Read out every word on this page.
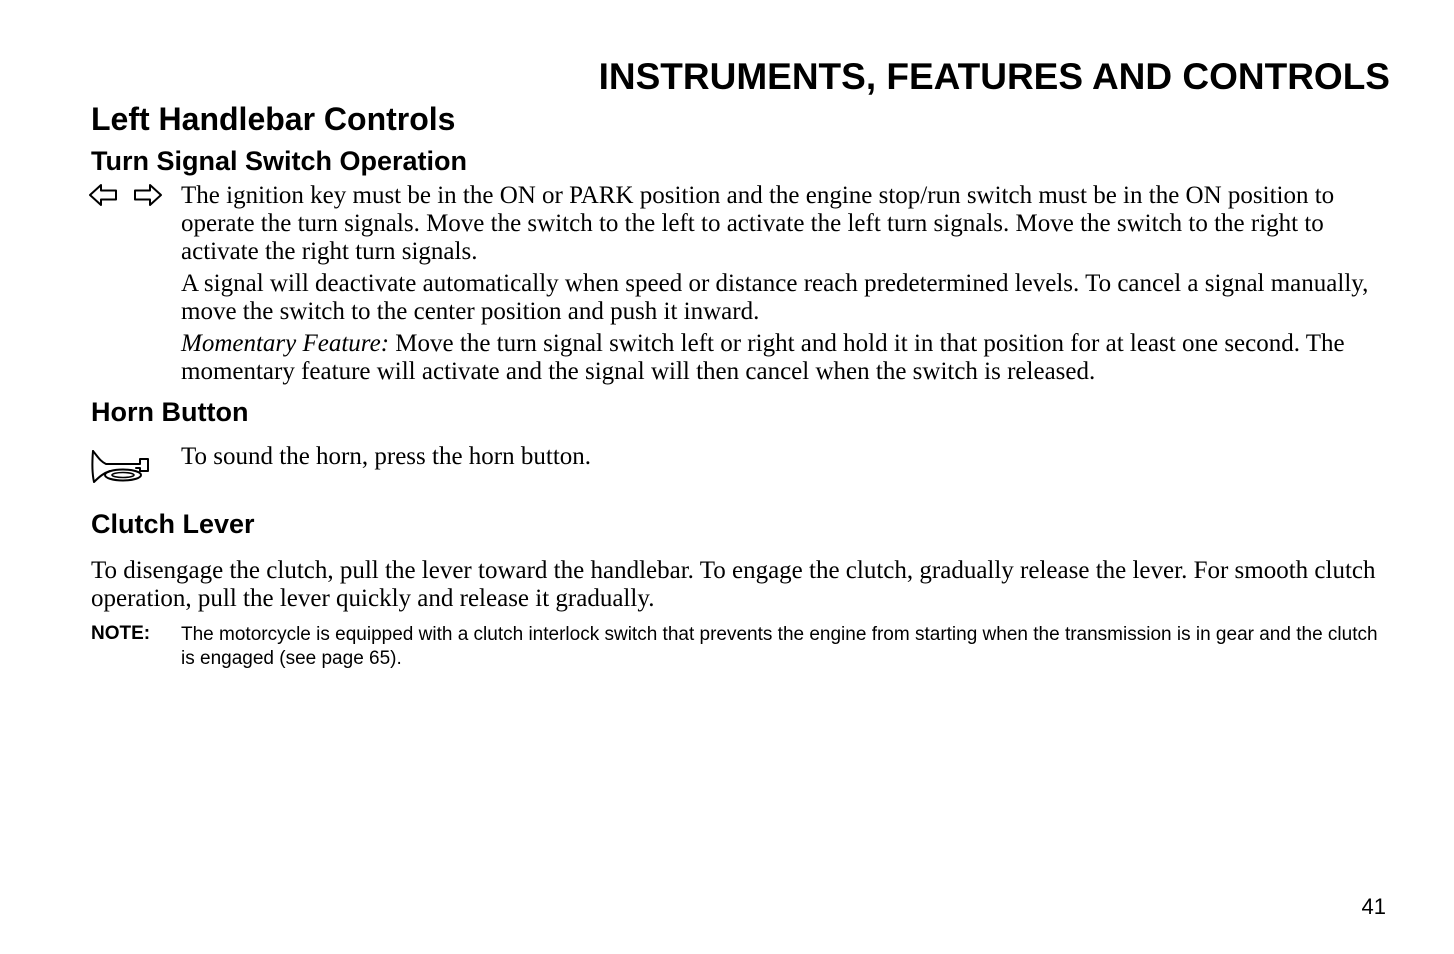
INSTRUMENTS, FEATURES AND CONTROLS
Left Handlebar Controls
Turn Signal Switch Operation

The ignition key must be in the ON or PARK position and the engine stop/run switch must be in the ON position to operate the turn signals. Move the switch to the left to activate the left turn signals. Move the switch to the right to activate the right turn signals.

A signal will deactivate automatically when speed or distance reach predetermined levels. To cancel a signal manually, move the switch to the center position and push it inward.

Momentary Feature: Move the turn signal switch left or right and hold it in that position for at least one second. The momentary feature will activate and the signal will then cancel when the switch is released.

Horn Button

To sound the horn, press the horn button.

Clutch Lever

To disengage the clutch, pull the lever toward the handlebar. To engage the clutch, gradually release the lever. For smooth clutch operation, pull the lever quickly and release it gradually.

NOTE: The motorcycle is equipped with a clutch interlock switch that prevents the engine from starting when the transmission is in gear and the clutch is engaged (see page 65).

41
